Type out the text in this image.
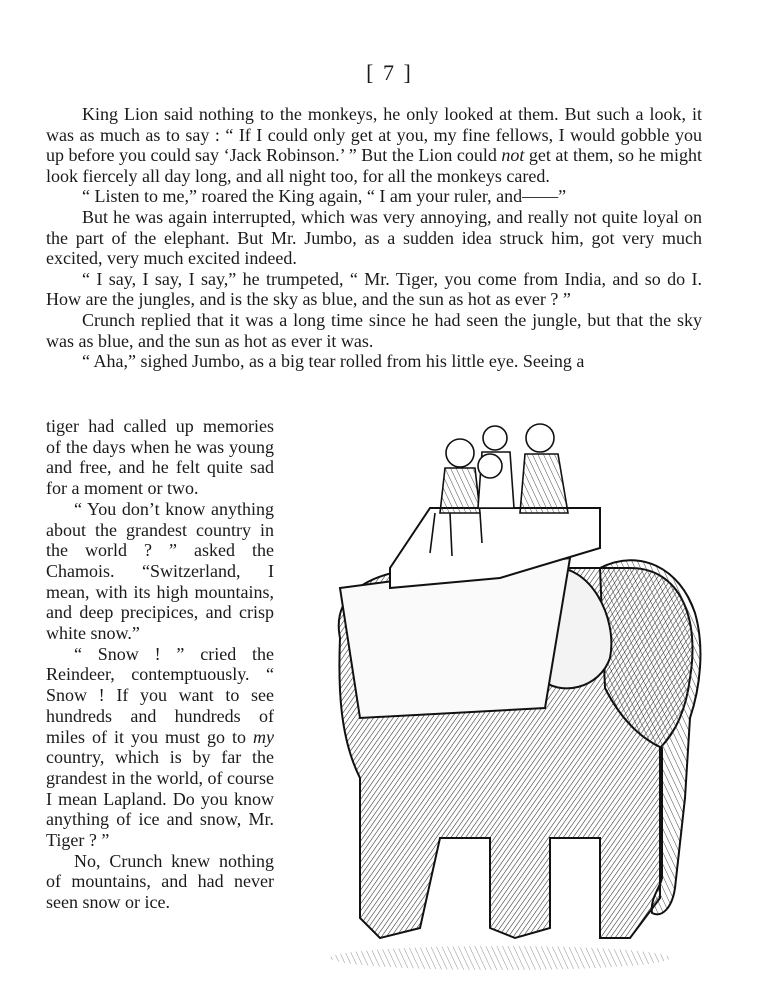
[ 7 ]

King Lion said nothing to the monkeys, he only looked at them. But such a look, it was as much as to say : “ If I could only get at you, my fine fellows, I would gobble you up before you could say ‘Jack Robinson.’ ” But the Lion could not get at them, so he might look fiercely all day long, and all night too, for all the monkeys cared.

“ Listen to me,” roared the King again, “ I am your ruler, and——”

But he was again interrupted, which was very annoying, and really not quite loyal on the part of the elephant. But Mr. Jumbo, as a sudden idea struck him, got very much excited, very much excited indeed.

“ I say, I say, I say,” he trumpeted, “ Mr. Tiger, you come from India, and so do I. How are the jungles, and is the sky as blue, and the sun as hot as ever ? ”

Crunch replied that it was a long time since he had seen the jungle, but that the sky was as blue, and the sun as hot as ever it was.

“ Aha,” sighed Jumbo, as a big tear rolled from his little eye. Seeing a

tiger had called up memories of the days when he was young and free, and he felt quite sad for a moment or two.

“ You don’t know anything about the grandest country in the world ? ” asked the Chamois. “Switzerland, I mean, with its high mountains, and deep precipices, and crisp white snow.”

“ Snow ! ” cried the Reindeer, contemptuously. “ Snow ! If you want to see hundreds and hundreds of miles of it you must go to my country, which is by far the grandest in the world, of course I mean Lapland. Do you know anything of ice and snow, Mr. Tiger ? ”

No, Crunch knew nothing of mountains, and had never seen snow or ice.
